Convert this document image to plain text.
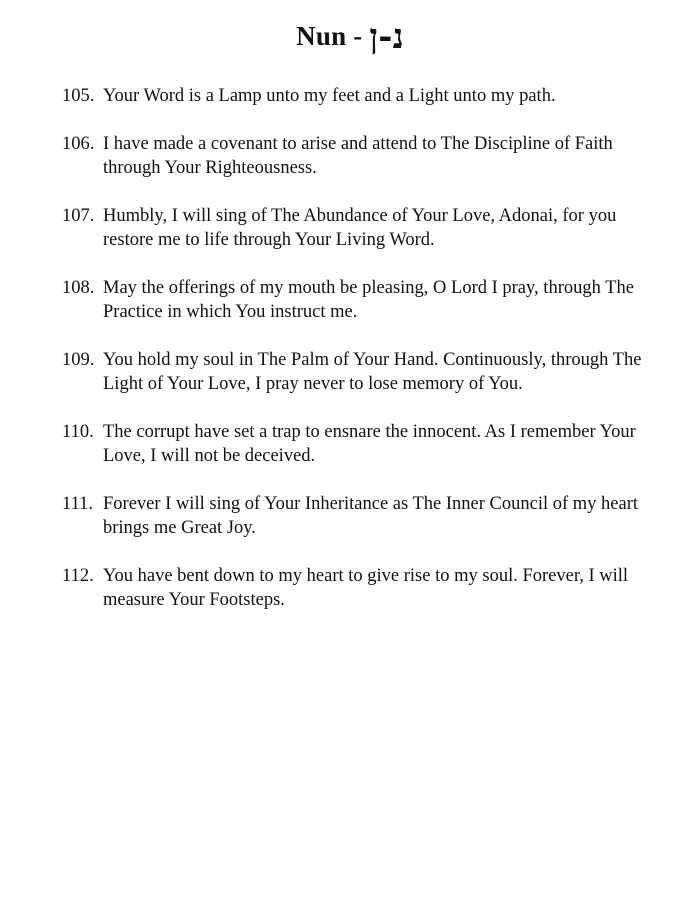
Nun - נ-ן
105. Your Word is a Lamp unto my feet and a Light unto my path.
106. I have made a covenant to arise and attend to The Discipline of Faith through Your Righteousness.
107. Humbly, I will sing of The Abundance of Your Love, Adonai, for you restore me to life through Your Living Word.
108. May the offerings of my mouth be pleasing, O Lord I pray, through The Practice in which You instruct me.
109. You hold my soul in The Palm of Your Hand. Continuously, through The Light of Your Love, I pray never to lose memory of You.
110. The corrupt have set a trap to ensnare the innocent. As I remember Your Love, I will not be deceived.
111. Forever I will sing of Your Inheritance as The Inner Council of my heart brings me Great Joy.
112. You have bent down to my heart to give rise to my soul. Forever, I will measure Your Footsteps.
